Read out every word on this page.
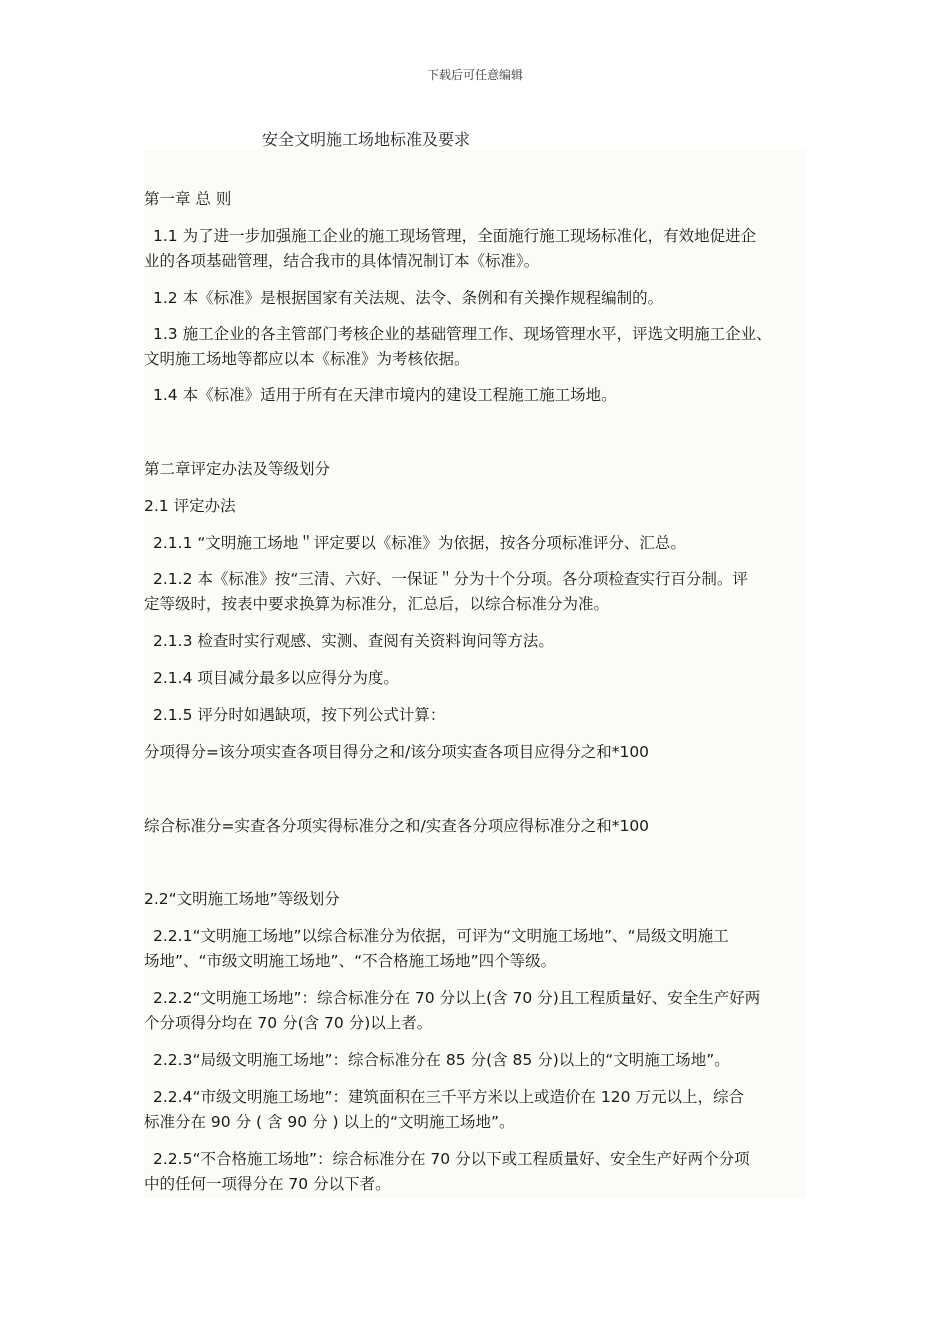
下载后可任意编辑
安全文明施工场地标准及要求
第一章 总 则
1.1 为了进一步加强施工企业的施工现场管理，全面施行施工现场标准化，有效地促进企
业的各项基础管理，结合我市的具体情况制订本《标准》。
1.2 本《标准》是根据国家有关法规、法令、条例和有关操作规程编制的。
1.3 施工企业的各主管部门考核企业的基础管理工作、现场管理水平，评选文明施工企业、
文明施工场地等都应以本《标准》为考核依据。
1.4 本《标准》适用于所有在天津市境内的建设工程施工施工场地。
第二章评定办法及等级划分
2.1 评定办法
2.1.1 “文明施工场地＂评定要以《标准》为依据，按各分项标准评分、汇总。
2.1.2 本《标准》按“三清、六好、一保证＂分为十个分项。各分项检查实行百分制。评
定等级时，按表中要求换算为标准分，汇总后，以综合标准分为准。
2.1.3 检查时实行观感、实测、查阅有关资料询问等方法。
2.1.4 项目减分最多以应得分为度。
2.1.5 评分时如遇缺项，按下列公式计算：
分项得分=该分项实查各项目得分之和/该分项实查各项目应得分之和*100
综合标准分=实查各分项实得标准分之和/实查各分项应得标准分之和*100
2.2“文明施工场地”等级划分
2.2.1“文明施工场地”以综合标准分为依据，可评为“文明施工场地”、“局级文明施工
场地”、“市级文明施工场地”、“不合格施工场地”四个等级。
2.2.2“文明施工场地”：综合标准分在 70 分以上(含 70 分)且工程质量好、安全生产好两
个分项得分均在 70 分(含 70 分)以上者。
2.2.3“局级文明施工场地”：综合标准分在 85 分(含 85 分)以上的“文明施工场地”。
2.2.4“市级文明施工场地”：建筑面积在三千平方米以上或造价在 120 万元以上，综合
标准分在 90 分 ( 含 90 分 ) 以上的“文明施工场地”。
2.2.5“不合格施工场地”：综合标准分在 70 分以下或工程质量好、安全生产好两个分项
中的任何一项得分在 70 分以下者。
